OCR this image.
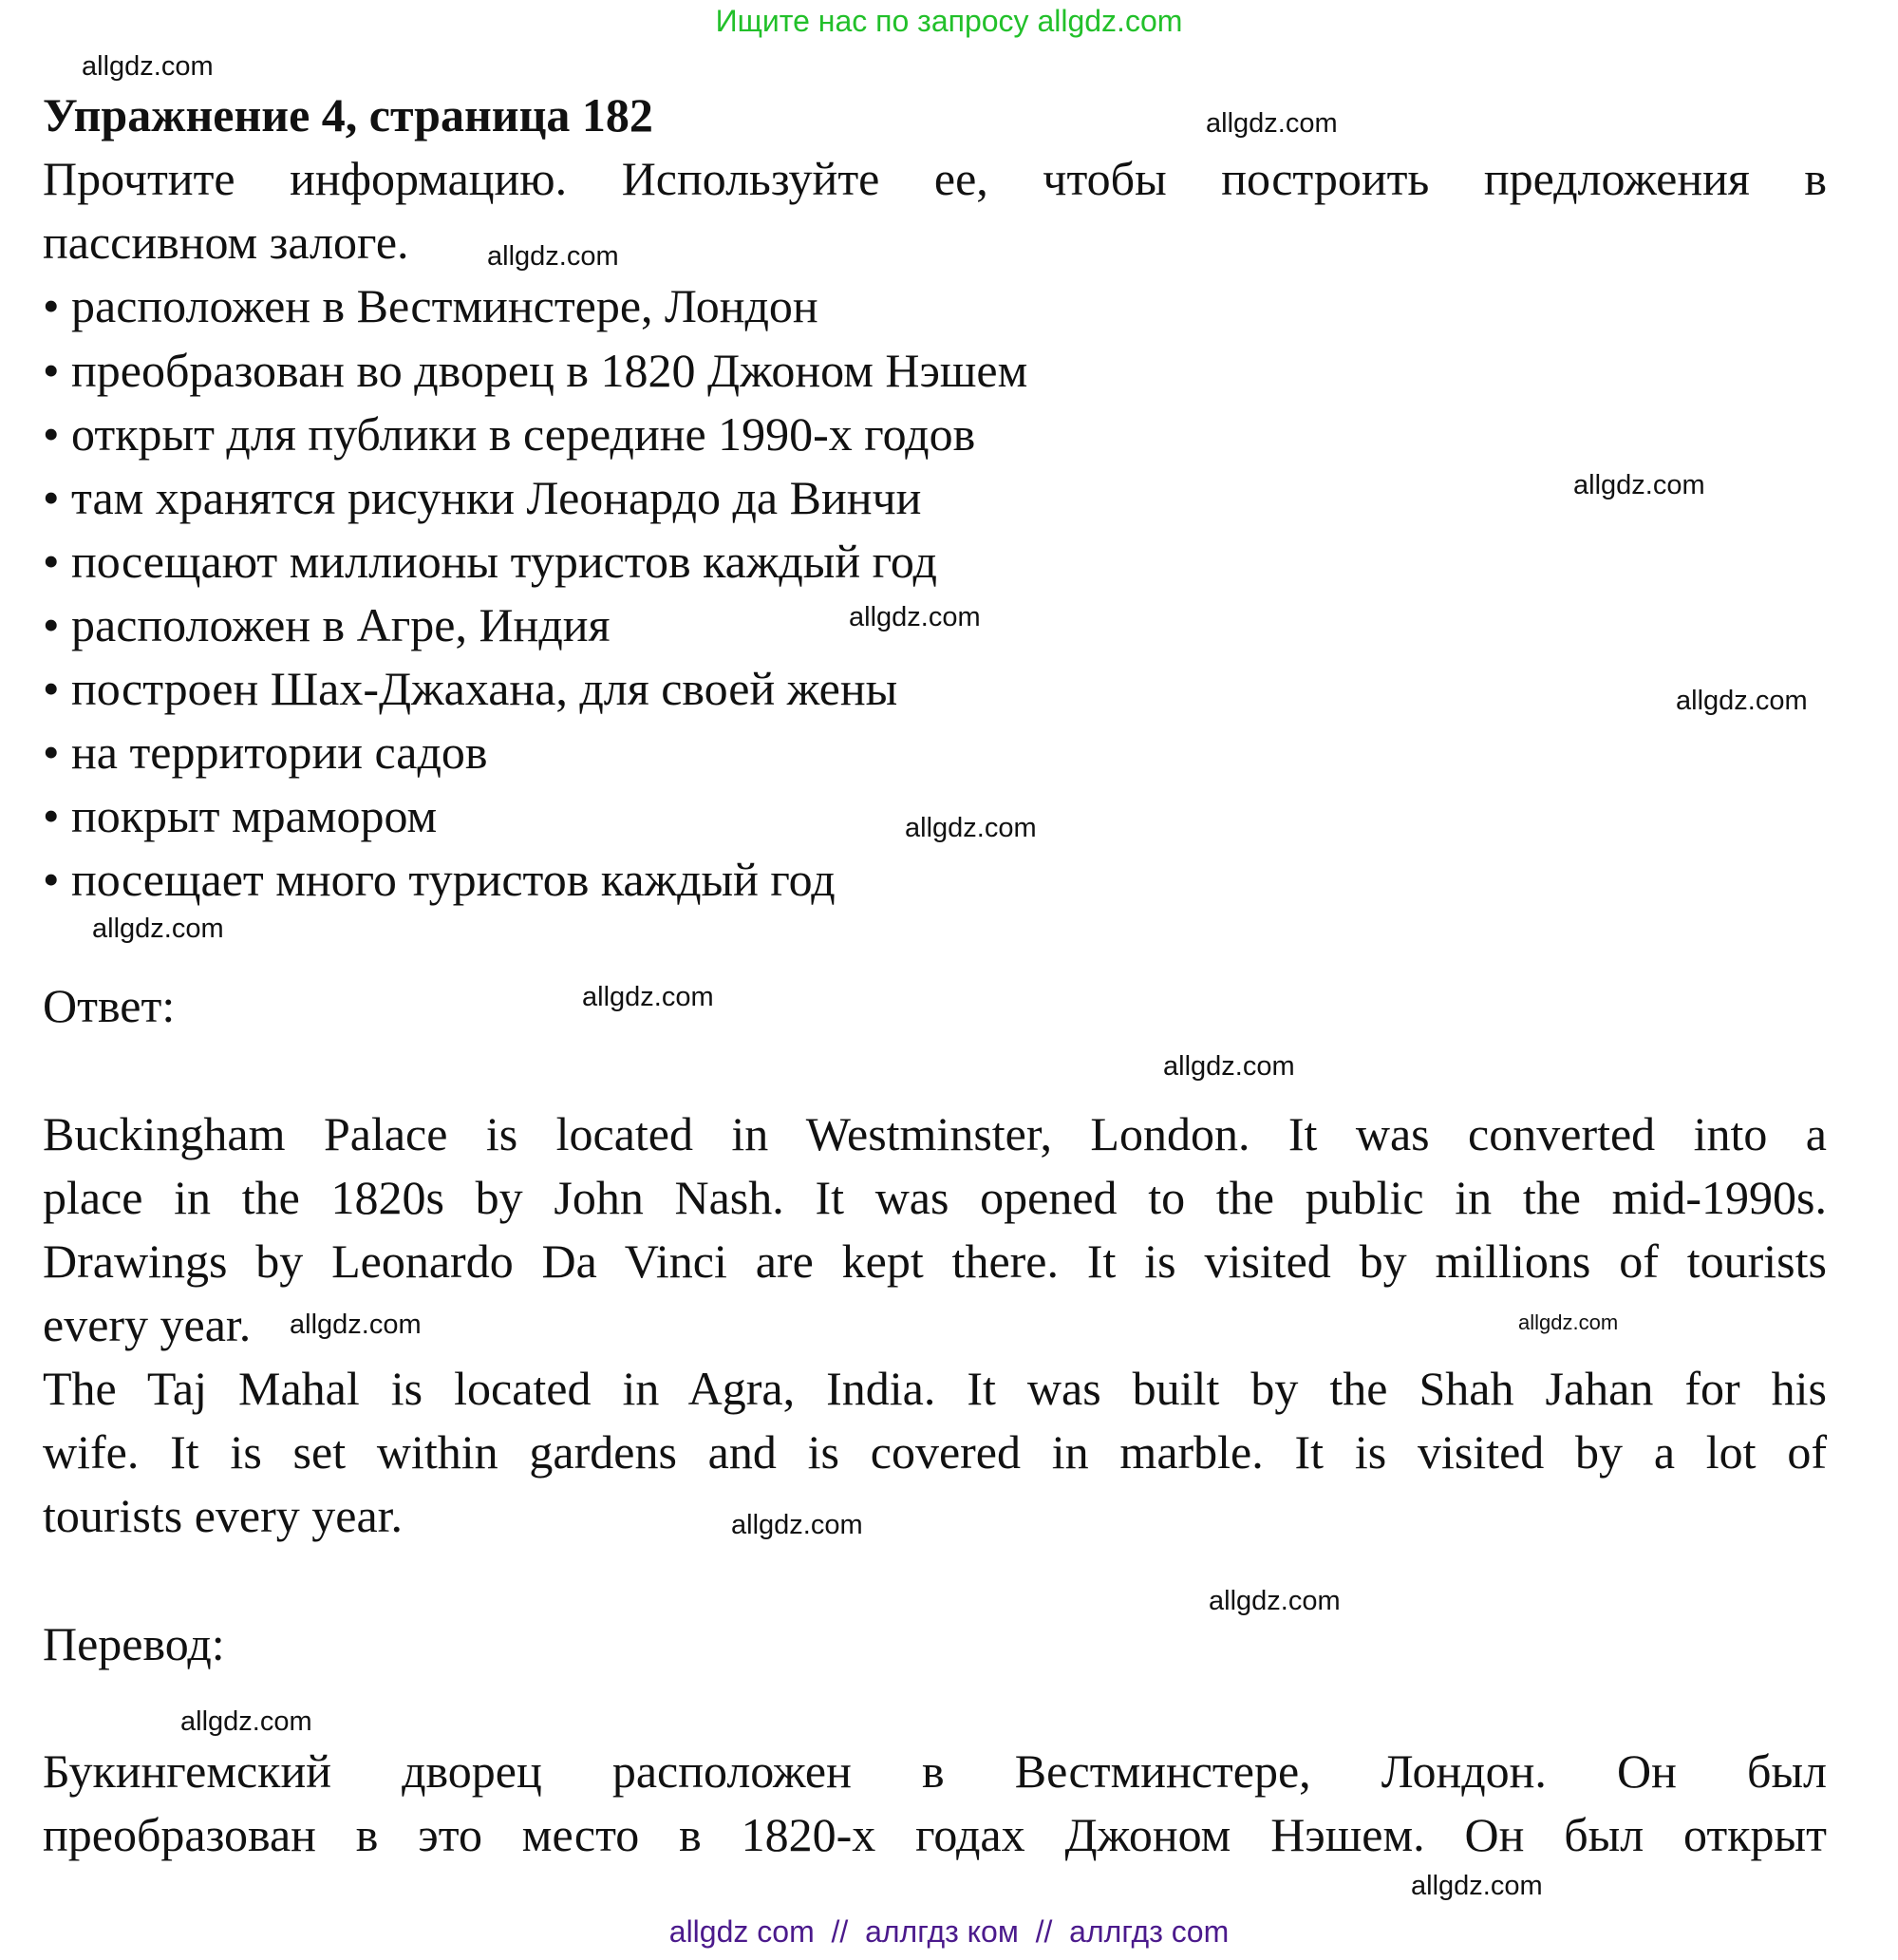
Ищите нас по запросу allgdz.com
Упражнение 4, страница 182
Прочтите информацию. Используйте ее, чтобы построить предложения в
пассивном залоге.
• расположен в Вестминстере, Лондон
• преобразован во дворец в 1820 Джоном Нэшем
• открыт для публики в середине 1990-х годов
• там хранятся рисунки Леонардо да Винчи
• посещают миллионы туристов каждый год
• расположен в Агре, Индия
• построен Шах-Джахана, для своей жены
• на территории садов
• покрыт мрамором
• посещает много туристов каждый год
Ответ:
Buckingham Palace is located in Westminster, London. It was converted into a
place in the 1820s by John Nash. It was opened to the public in the mid-1990s.
Drawings by Leonardo Da Vinci are kept there. It is visited by millions of tourists
every year.
The Taj Mahal is located in Agra, India. It was built by the Shah Jahan for his
wife. It is set within gardens and is covered in marble. It is visited by a lot of
tourists every year.
Перевод:
Букингемский дворец расположен в Вестминстере, Лондон. Он был
преобразован в это место в 1820-х годах Джоном Нэшем. Он был открыт
allgdz.com
allgdz.com
allgdz.com
allgdz.com
allgdz.com
allgdz.com
allgdz.com
allgdz.com
allgdz.com
allgdz.com
allgdz.com
allgdz.com
allgdz.com
allgdz.com
allgdz.com
allgdz.com
allgdz com  //  аллгдз ком  //  аллгдз com
